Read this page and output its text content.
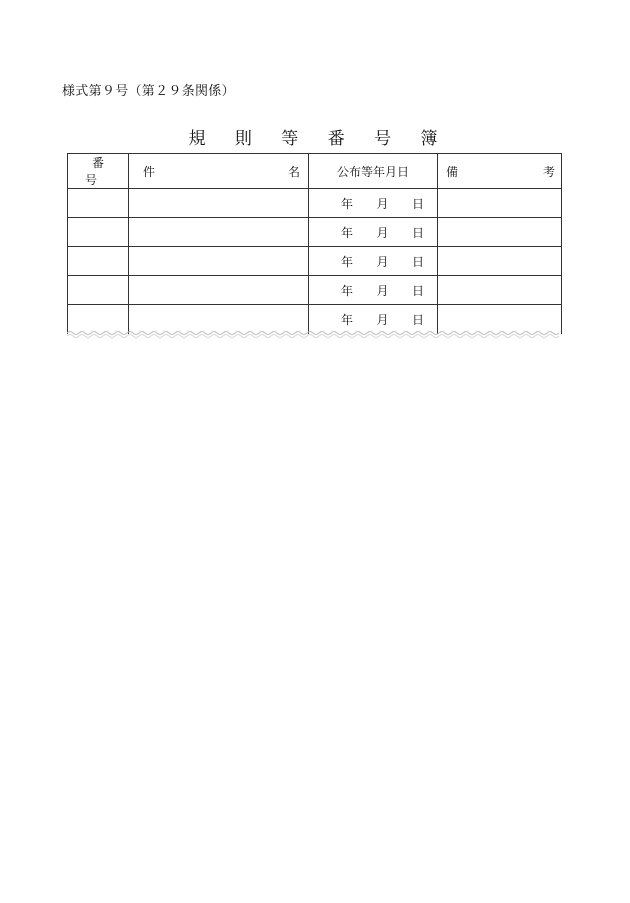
様式第９号（第２９条関係）
規 則 等 番 号 簿
番 号	件 名	公布等年月日	備 考

		年 月 日	

		年 月 日	

		年 月 日	

		年 月 日	

		年 月 日	
